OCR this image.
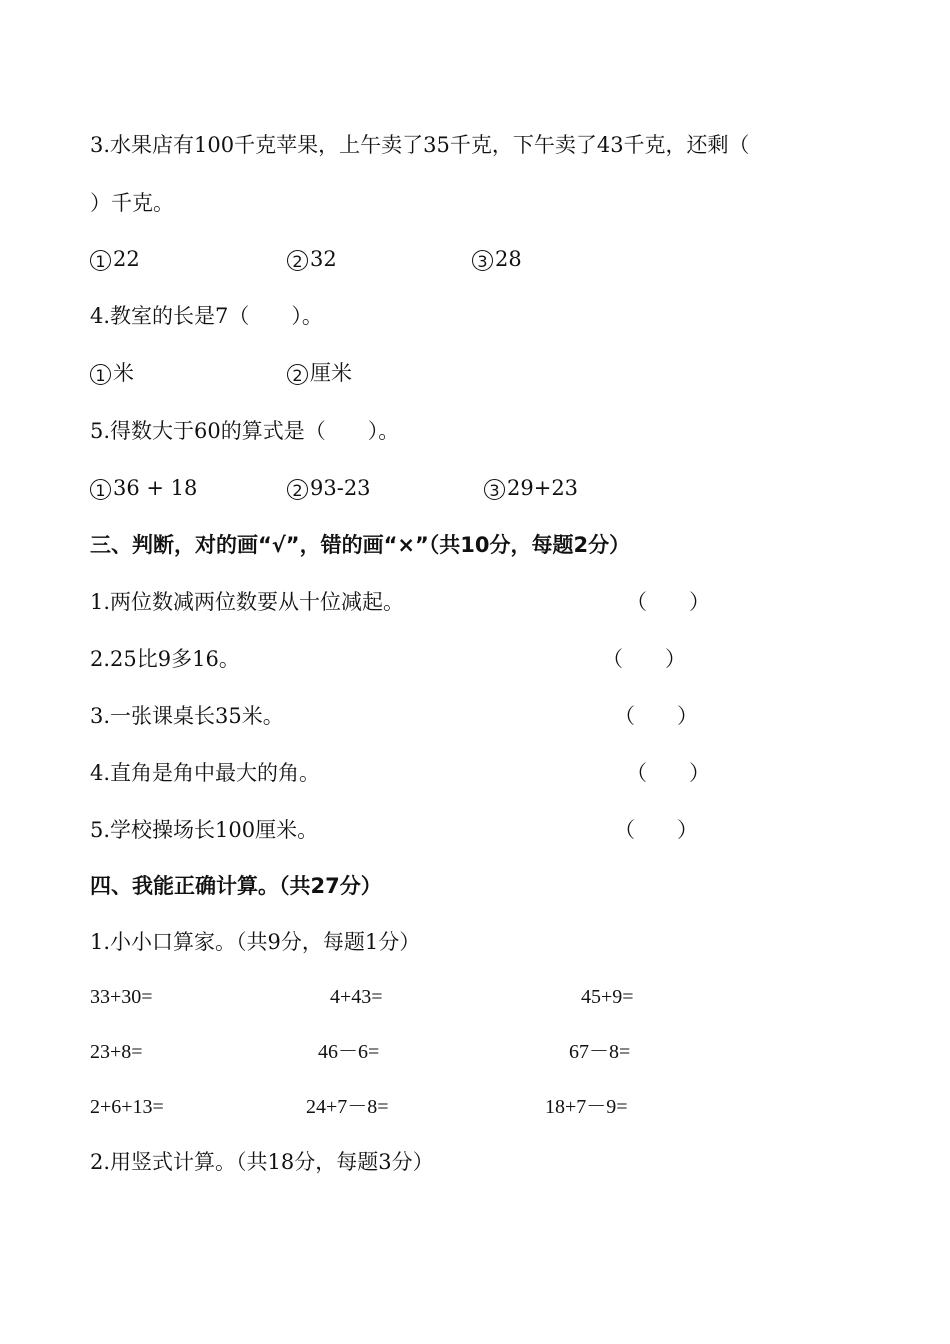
3.水果店有100千克苹果，上午卖了35千克，下午卖了43千克，还剩（
）千克。
1 22	2 32	3 28
4.教室的长是7（　　）。
1 米	2 厘米
5.得数大于60的算式是（　　）。
1 36 + 18	2 93-23	3 29+23
三、判断，对的画“√”，错的画“×”（共10分，每题2分）
1.两位数减两位数要从十位减起。	（　　）
2.25比9多16。	（　　）
3.一张课桌长35米。	（　　）
4.直角是角中最大的角。	（　　）
5.学校操场长100厘米。	（　　）
四、我能正确计算。（共27分）
1.小小口算家。（共9分，每题1分）
33+30=	4+43=	45+9=
23+8=	46－6=	67－8=
2+6+13=	24+7－8=	18+7－9=
2.用竖式计算。（共18分，每题3分）
